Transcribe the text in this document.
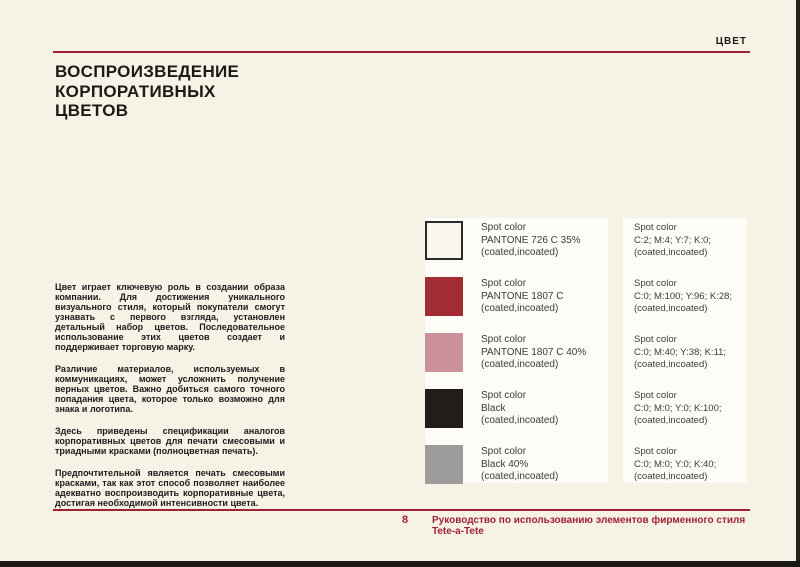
ЦВЕТ
ВОСПРОИЗВЕДЕНИЕ
КОРПОРАТИВНЫХ
ЦВЕТОВ

Цвет играет ключевую роль в создании образа компании. Для достижения уникального визуального стиля, который покупатели смогут узнавать с первого взгляда, установлен детальный набор цветов. Последовательное использование этих цветов создает и поддерживает торговую марку.

Различие материалов, используемых в коммуникациях, может усложнить получение верных цветов. Важно добиться самого точного попадания цвета, которое только возможно для знака и логотипа.

Здесь приведены спецификации аналогов корпоративных цветов для печати смесовыми и триадными красками (полноцветная печать).

Предпочтительной является печать смесовыми красками, так как этот способ позволяет наиболее адекватно воспроизводить корпоративные цвета, достигая необходимой интенсивности цвета.

Spot color
PANTONE 726 C 35%
(coated,incoated)
Spot color
C:2; M:4; Y:7; K:0;
(coated,incoated)
Spot color
PANTONE 1807 C
(coated,incoated)
Spot color
C:0; M:100; Y:96; K:28;
(coated,incoated)
Spot color
PANTONE 1807 C 40%
(coated,incoated)
Spot color
C:0; M:40; Y:38; K:11;
(coated,incoated)
Spot color
Black
(coated,incoated)
Spot color
C:0; M:0; Y:0; K:100;
(coated,incoated)
Spot color
Black 40%
(coated,incoated)
Spot color
C:0; M:0; Y:0; K:40;
(coated,incoated)
8	Руководство по использованию элементов фирменного стиля Tete-a-Tete
